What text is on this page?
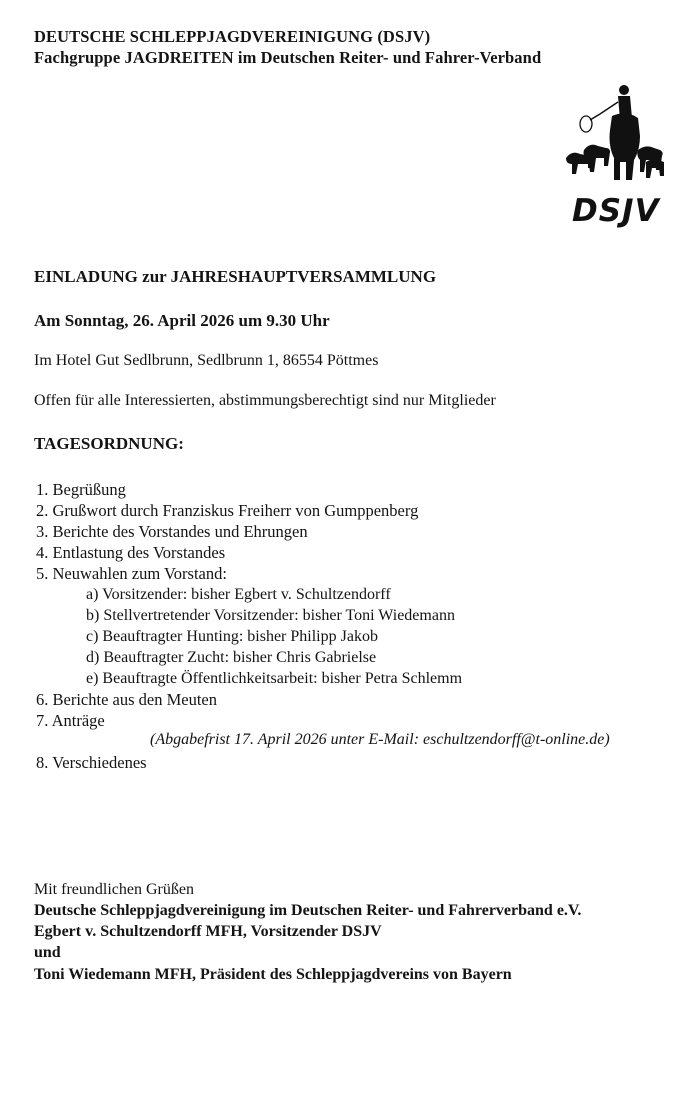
DEUTSCHE SCHLEPPJAGDVEREINIGUNG (DSJV)
Fachgruppe JAGDREITEN im Deutschen Reiter- und Fahrer-Verband
DSJV
EINLADUNG zur JAHRESHAUPTVERSAMMLUNG
Am Sonntag, 26. April 2026 um 9.30 Uhr
Im Hotel Gut Sedlbrunn, Sedlbrunn 1, 86554 Pöttmes
Offen für alle Interessierten, abstimmungsberechtigt sind nur Mitglieder
TAGESORDNUNG:
1. Begrüßung
2. Grußwort durch Franziskus Freiherr von Gumppenberg
3. Berichte des Vorstandes und Ehrungen
4. Entlastung des Vorstandes
5. Neuwahlen zum Vorstand:
a) Vorsitzender: bisher Egbert v. Schultzendorff
b) Stellvertretender Vorsitzender: bisher Toni Wiedemann
c) Beauftragter Hunting: bisher Philipp Jakob
d) Beauftragter Zucht: bisher Chris Gabrielse
e) Beauftragte Öffentlichkeitsarbeit: bisher Petra Schlemm
6. Berichte aus den Meuten
7. Anträge
(Abgabefrist 17. April 2026 unter E-Mail: eschultzendorff@t-online.de)
8. Verschiedenes
Mit freundlichen Grüßen
Deutsche Schleppjagdvereinigung im Deutschen Reiter- und Fahrerverband e.V.
Egbert v. Schultzendorff MFH, Vorsitzender DSJV
und
Toni Wiedemann MFH, Präsident des Schleppjagdvereins von Bayern
